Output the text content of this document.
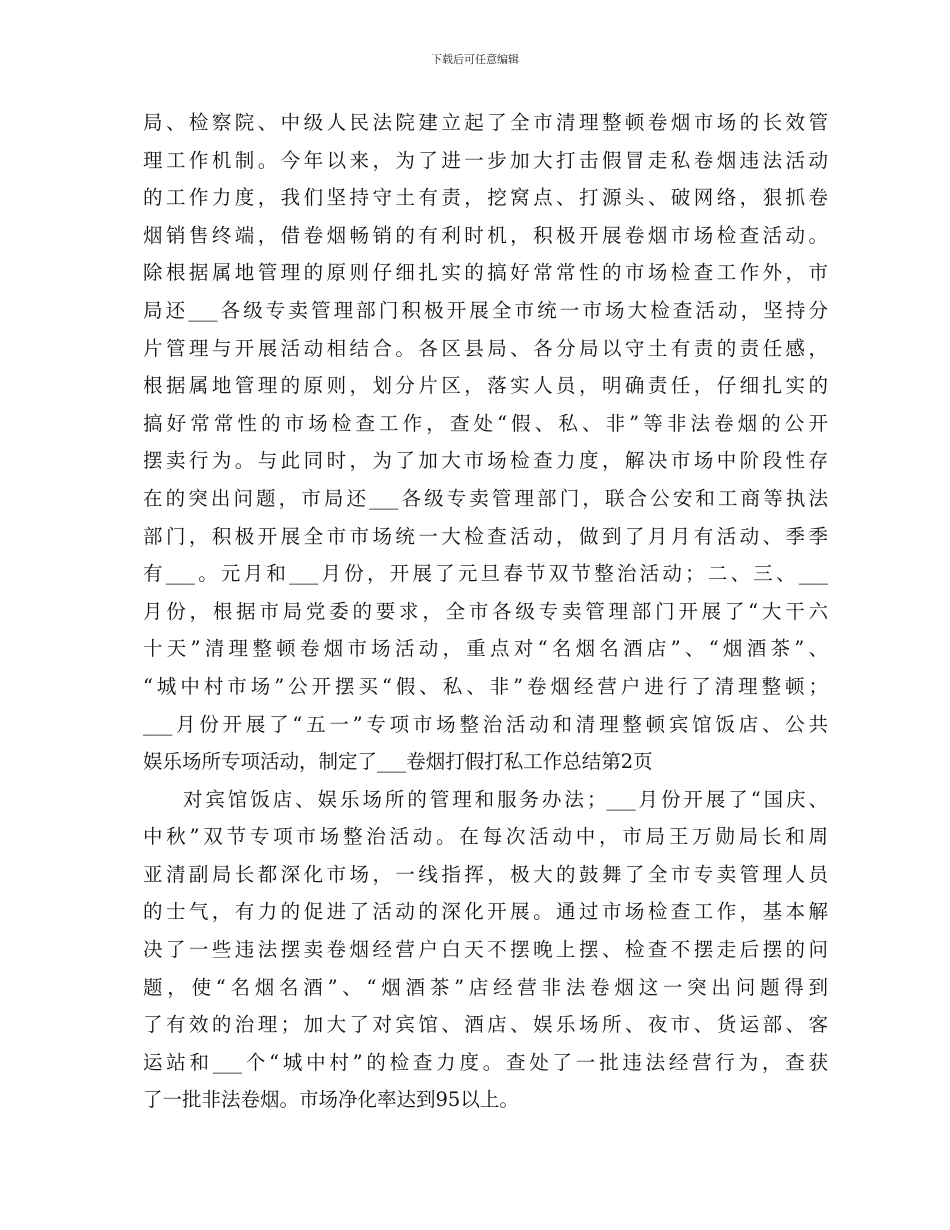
下载后可任意编辑
局、检察院、中级人民法院建立起了全市清理整顿卷烟市场的长效管
理工作机制。今年以来，为了进一步加大打击假冒走私卷烟违法活动
的工作力度，我们坚持守土有责，挖窝点、打源头、破网络，狠抓卷
烟销售终端，借卷烟畅销的有利时机，积极开展卷烟市场检查活动。
除根据属地管理的原则仔细扎实的搞好常常性的市场检查工作外，市
局还___各级专卖管理部门积极开展全市统一市场大检查活动，坚持分
片管理与开展活动相结合。各区县局、各分局以守土有责的责任感，
根据属地管理的原则，划分片区，落实人员，明确责任，仔细扎实的
搞好常常性的市场检查工作，查处“假、私、非”等非法卷烟的公开
摆卖行为。与此同时，为了加大市场检查力度，解决市场中阶段性存
在的突出问题，市局还___各级专卖管理部门，联合公安和工商等执法
部门，积极开展全市市场统一大检查活动，做到了月月有活动、季季
有___。元月和___月份，开展了元旦春节双节整治活动；二、三、___
月份，根据市局党委的要求，全市各级专卖管理部门开展了“大干六
十天”清理整顿卷烟市场活动，重点对“名烟名酒店”、“烟酒茶”、
“城中村市场”公开摆买“假、私、非”卷烟经营户进行了清理整顿；
___月份开展了“五一”专项市场整治活动和清理整顿宾馆饭店、公共
娱乐场所专项活动，制定了___卷烟打假打私工作总结第2页
对宾馆饭店、娱乐场所的管理和服务办法；___月份开展了“国庆、
中秋”双节专项市场整治活动。在每次活动中，市局王万勋局长和周
亚清副局长都深化市场，一线指挥，极大的鼓舞了全市专卖管理人员
的士气，有力的促进了活动的深化开展。通过市场检查工作，基本解
决了一些违法摆卖卷烟经营户白天不摆晚上摆、检查不摆走后摆的问
题，使“名烟名酒”、“烟酒茶”店经营非法卷烟这一突出问题得到
了有效的治理；加大了对宾馆、酒店、娱乐场所、夜市、货运部、客
运站和___个“城中村”的检查力度。查处了一批违法经营行为，查获
了一批非法卷烟。市场净化率达到95以上。
